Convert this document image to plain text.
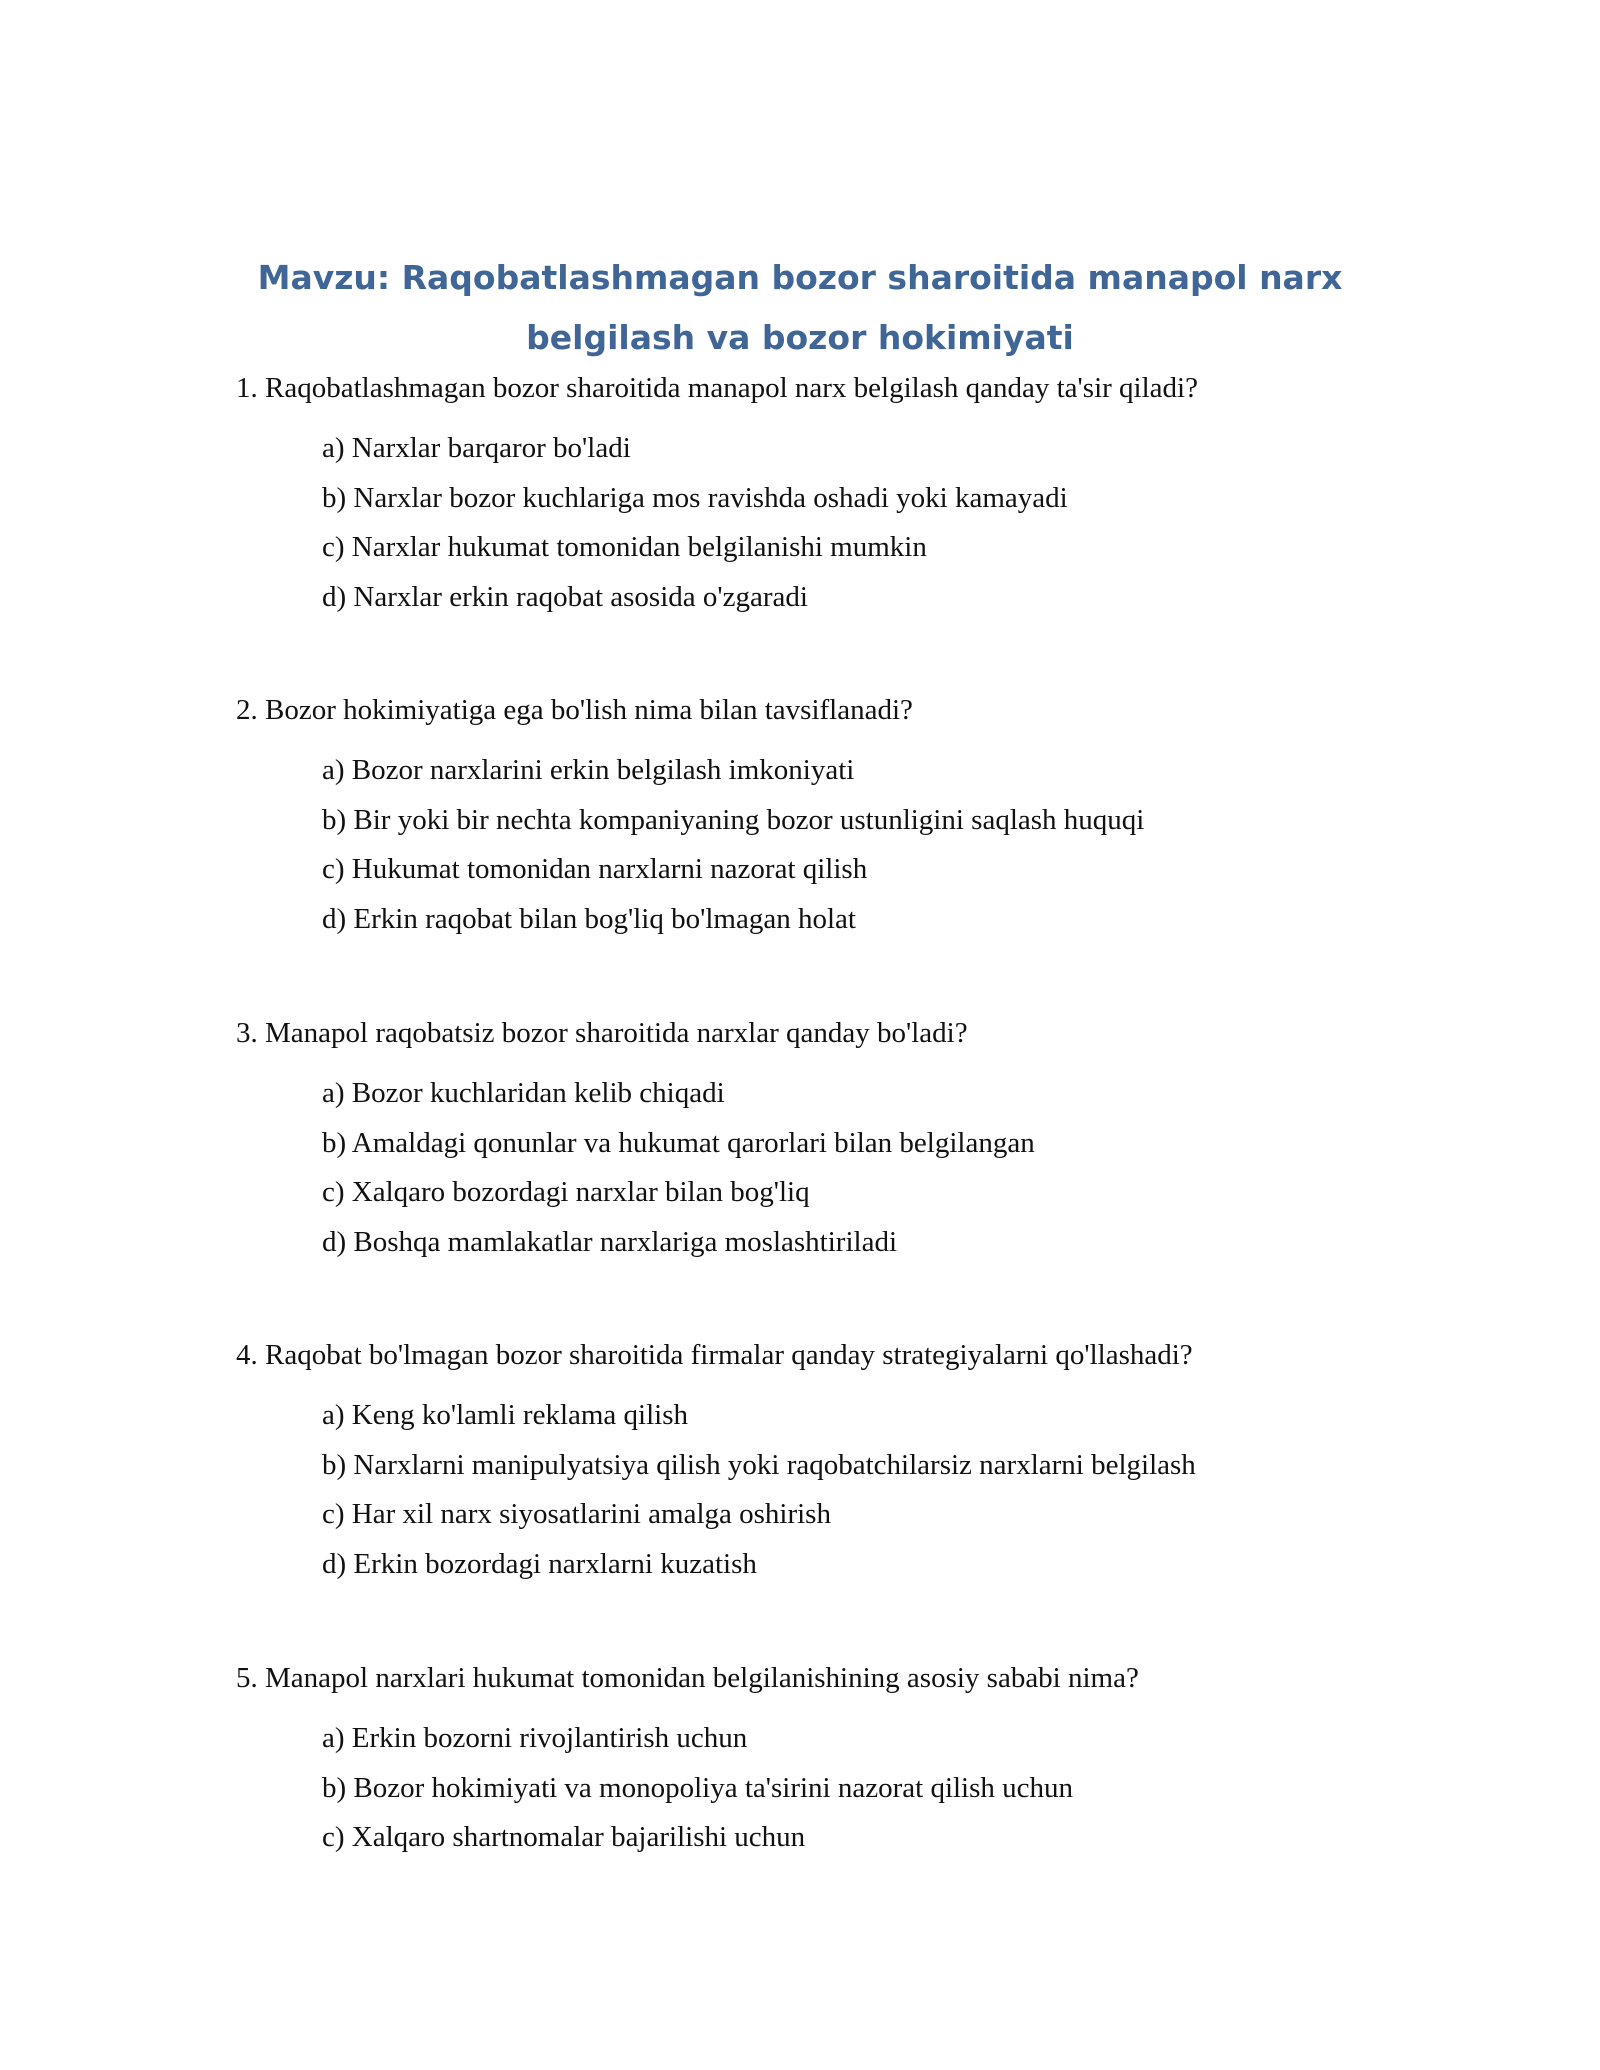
Mavzu: Raqobatlashmagan bozor sharoitida manapol narx
belgilash va bozor hokimiyati

1. Raqobatlashmagan bozor sharoitida manapol narx belgilash qanday ta'sir qiladi?

a) Narxlar barqaror bo'ladi
b) Narxlar bozor kuchlariga mos ravishda oshadi yoki kamayadi
c) Narxlar hukumat tomonidan belgilanishi mumkin
d) Narxlar erkin raqobat asosida o'zgaradi

2. Bozor hokimiyatiga ega bo'lish nima bilan tavsiflanadi?

a) Bozor narxlarini erkin belgilash imkoniyati
b) Bir yoki bir nechta kompaniyaning bozor ustunligini saqlash huquqi
c) Hukumat tomonidan narxlarni nazorat qilish
d) Erkin raqobat bilan bog'liq bo'lmagan holat

3. Manapol raqobatsiz bozor sharoitida narxlar qanday bo'ladi?

a) Bozor kuchlaridan kelib chiqadi
b) Amaldagi qonunlar va hukumat qarorlari bilan belgilangan
c) Xalqaro bozordagi narxlar bilan bog'liq
d) Boshqa mamlakatlar narxlariga moslashtiriladi

4. Raqobat bo'lmagan bozor sharoitida firmalar qanday strategiyalarni qo'llashadi?

a) Keng ko'lamli reklama qilish
b) Narxlarni manipulyatsiya qilish yoki raqobatchilarsiz narxlarni belgilash
c) Har xil narx siyosatlarini amalga oshirish
d) Erkin bozordagi narxlarni kuzatish

5. Manapol narxlari hukumat tomonidan belgilanishining asosiy sababi nima?

a) Erkin bozorni rivojlantirish uchun
b) Bozor hokimiyati va monopoliya ta'sirini nazorat qilish uchun
c) Xalqaro shartnomalar bajarilishi uchun
